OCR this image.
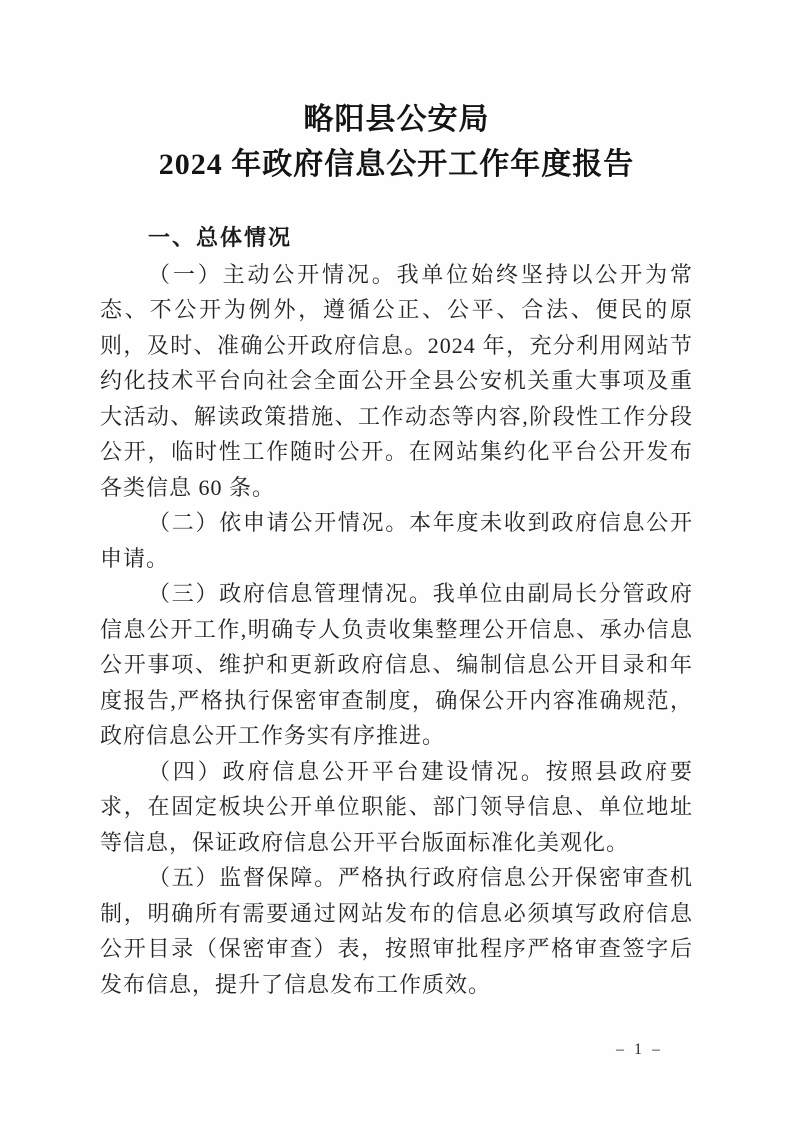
略阳县公安局
2024 年政府信息公开工作年度报告

一、总体情况

（一）主动公开情况。我单位始终坚持以公开为常态、不公开为例外，遵循公正、公平、合法、便民的原则，及时、准确公开政府信息。2024 年，充分利用网站节约化技术平台向社会全面公开全县公安机关重大事项及重大活动、解读政策措施、工作动态等内容,阶段性工作分段公开，临时性工作随时公开。在网站集约化平台公开发布各类信息 60 条。

（二）依申请公开情况。本年度未收到政府信息公开申请。

（三）政府信息管理情况。我单位由副局长分管政府信息公开工作,明确专人负责收集整理公开信息、承办信息公开事项、维护和更新政府信息、编制信息公开目录和年度报告,严格执行保密审查制度，确保公开内容准确规范，政府信息公开工作务实有序推进。

（四）政府信息公开平台建设情况。按照县政府要求，在固定板块公开单位职能、部门领导信息、单位地址等信息，保证政府信息公开平台版面标准化美观化。

（五）监督保障。严格执行政府信息公开保密审查机制，明确所有需要通过网站发布的信息必须填写政府信息公开目录（保密审查）表，按照审批程序严格审查签字后发布信息，提升了信息发布工作质效。

– 1 –
